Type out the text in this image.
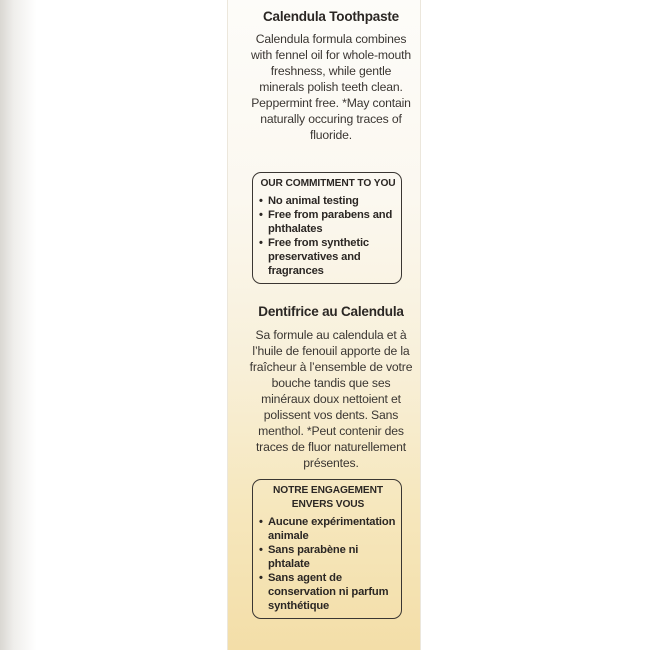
Calendula Toothpaste
Calendula formula combines with fennel oil for whole-mouth freshness, while gentle minerals polish teeth clean. Peppermint free. *May contain naturally occuring traces of fluoride.
OUR COMMITMENT TO YOU
• No animal testing
• Free from parabens and phthalates
• Free from synthetic preservatives and fragrances
Dentifrice au Calendula
Sa formule au calendula et à l’huile de fenouil apporte de la fraîcheur à l’ensemble de votre bouche tandis que ses minéraux doux nettoient et polissent vos dents. Sans menthol. *Peut contenir des traces de fluor naturellement présentes.
NOTRE ENGAGEMENT ENVERS VOUS
• Aucune expérimentation animale
• Sans parabène ni phtalate
• Sans agent de conservation ni parfum synthétique
